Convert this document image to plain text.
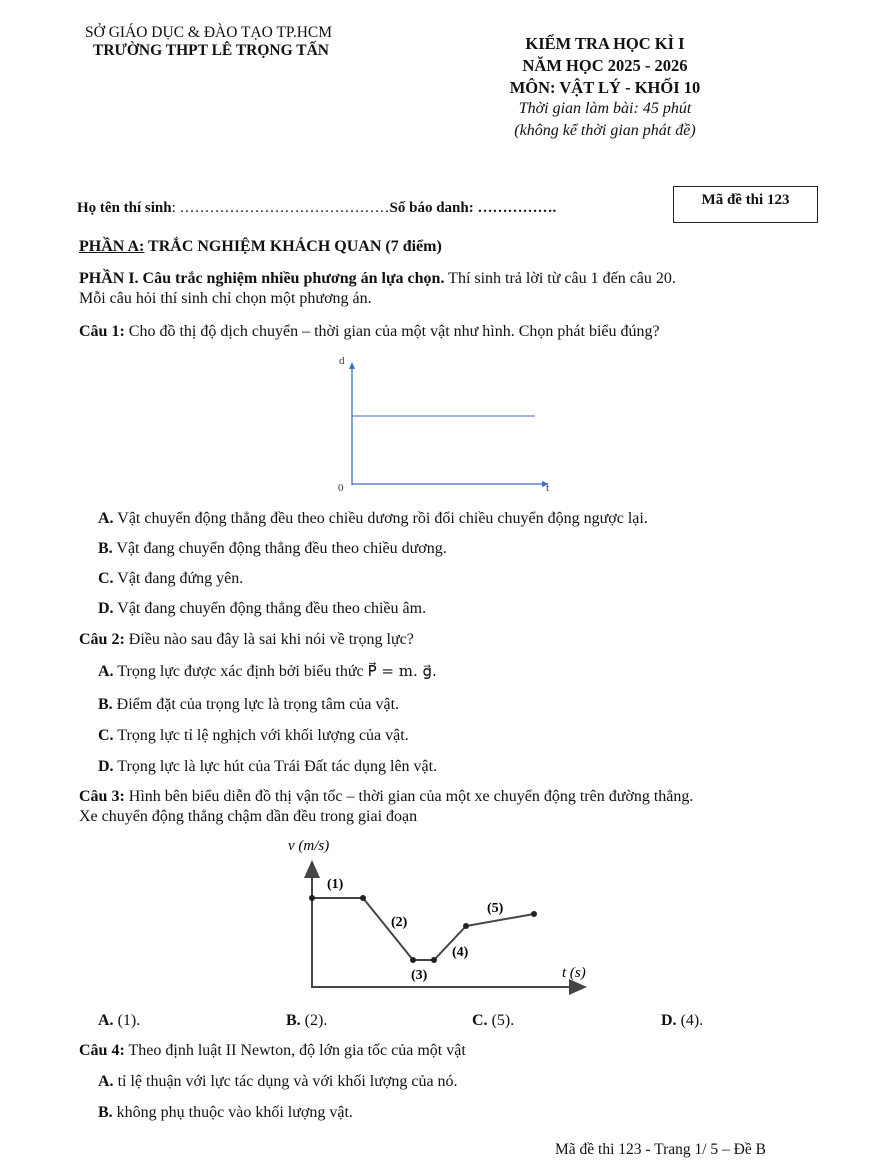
SỞ GIÁO DỤC & ĐÀO TẠO TP.HCM
TRƯỜNG THPT LÊ TRỌNG TẤN	KIỂM TRA HỌC KÌ I
NĂM HỌC 2025 - 2026
MÔN: VẬT LÝ - KHỐI 10
Thời gian làm bài: 45 phút
(không kể thời gian phát đề)
Họ tên thí sinh: ……………………………………Số báo danh: …………….	Mã đề thi 123
PHẦN A: TRẮC NGHIỆM KHÁCH QUAN (7 điểm)
PHẦN I. Câu trắc nghiệm nhiều phương án lựa chọn. Thí sinh trả lời từ câu 1 đến câu 20.
Mỗi câu hỏi thí sinh chỉ chọn một phương án.
Câu 1: Cho đồ thị độ dịch chuyển – thời gian của một vật như hình. Chọn phát biểu đúng?
d
0	t
A. Vật chuyển động thẳng đều theo chiều dương rồi đổi chiều chuyển động ngược lại.
B. Vật đang chuyển động thẳng đều theo chiều dương.
C. Vật đang đứng yên.
D. Vật đang chuyển động thẳng đều theo chiều âm.
Câu 2: Điều nào sau đây là sai khi nói về trọng lực?
A. Trọng lực được xác định bởi biểu thức P⃗ = m. g⃗.
B. Điểm đặt của trọng lực là trọng tâm của vật.
C. Trọng lực tỉ lệ nghịch với khối lượng của vật.
D. Trọng lực là lực hút của Trái Đất tác dụng lên vật.
Câu 3: Hình bên biểu diễn đồ thị vận tốc – thời gian của một xe chuyển động trên đường thẳng.
Xe chuyển động thẳng chậm dần đều trong giai đoạn
v (m/s)
t (s)
(1)
(2)
(3)
(4)
(5)
A. (1).	B. (2).	C. (5).	D. (4).
Câu 4: Theo định luật II Newton, độ lớn gia tốc của một vật
A. tỉ lệ thuận với lực tác dụng và với khối lượng của nó.
B. không phụ thuộc vào khối lượng vật.
Mã đề thi 123 - Trang 1/ 5 – Đề B
